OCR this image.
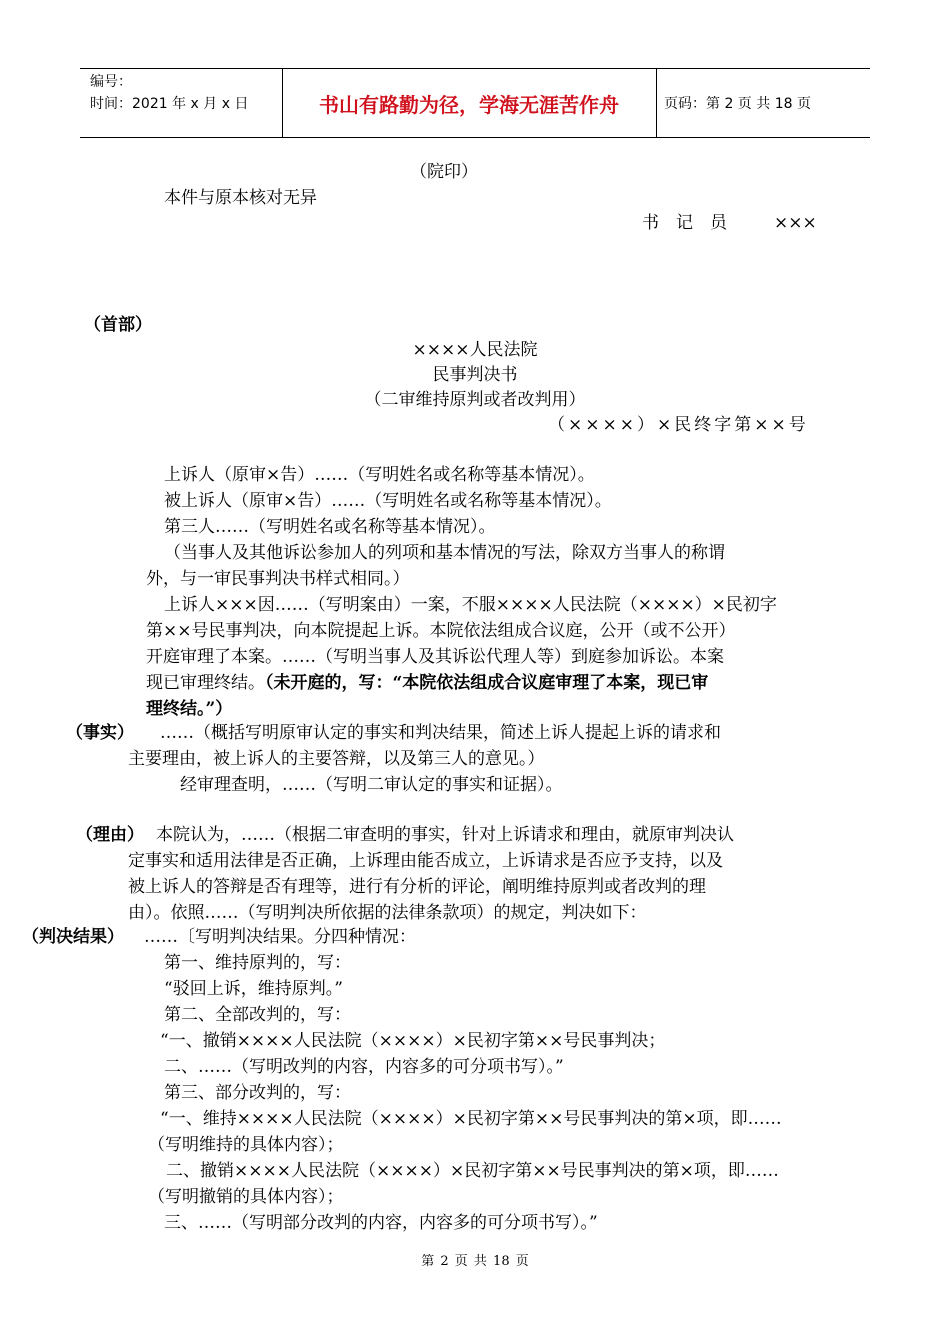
编号：
时间：2021 年 x 月 x 日	书山有路勤为径，学海无涯苦作舟	页码：第 2 页 共 18 页
（院印）
本件与原本核对无异
书　记　员	×××
（首部）
××××人民法院
民事判决书
（二审维持原判或者改判用）
（××××）×民终字第××号
上诉人（原审×告）……（写明姓名或名称等基本情况）。
被上诉人（原审×告）……（写明姓名或名称等基本情况）。
第三人……（写明姓名或名称等基本情况）。
（当事人及其他诉讼参加人的列项和基本情况的写法，除双方当事人的称谓
外，与一审民事判决书样式相同。）
上诉人×××因……（写明案由）一案，不服××××人民法院（××××）×民初字
第××号民事判决，向本院提起上诉。本院依法组成合议庭，公开（或不公开）
开庭审理了本案。……（写明当事人及其诉讼代理人等）到庭参加诉讼。本案
现已审理终结。（未开庭的，写：“本院依法组成合议庭审理了本案，现已审
理终结。”）
（事实） ……（概括写明原审认定的事实和判决结果，简述上诉人提起上诉的请求和
主要理由，被上诉人的主要答辩，以及第三人的意见。）
经审理查明，……（写明二审认定的事实和证据）。
（理由） 本院认为，……（根据二审查明的事实，针对上诉请求和理由，就原审判决认
定事实和适用法律是否正确，上诉理由能否成立，上诉请求是否应予支持，以及
被上诉人的答辩是否有理等，进行有分析的评论，阐明维持原判或者改判的理
由）。依照……（写明判决所依据的法律条款项）的规定，判决如下：
（判决结果） ……〔写明判决结果。分四种情况：
第一、维持原判的，写：
“驳回上诉，维持原判。”
第二、全部改判的，写：
“一、撤销××××人民法院（××××）×民初字第××号民事判决；
二、……（写明改判的内容，内容多的可分项书写）。”
第三、部分改判的，写：
“一、维持××××人民法院（××××）×民初字第××号民事判决的第×项，即……
（写明维持的具体内容）；
二、撤销××××人民法院（××××）×民初字第××号民事判决的第×项，即……
（写明撤销的具体内容）；
三、……（写明部分改判的内容，内容多的可分项书写）。”
第 2 页 共 18 页
